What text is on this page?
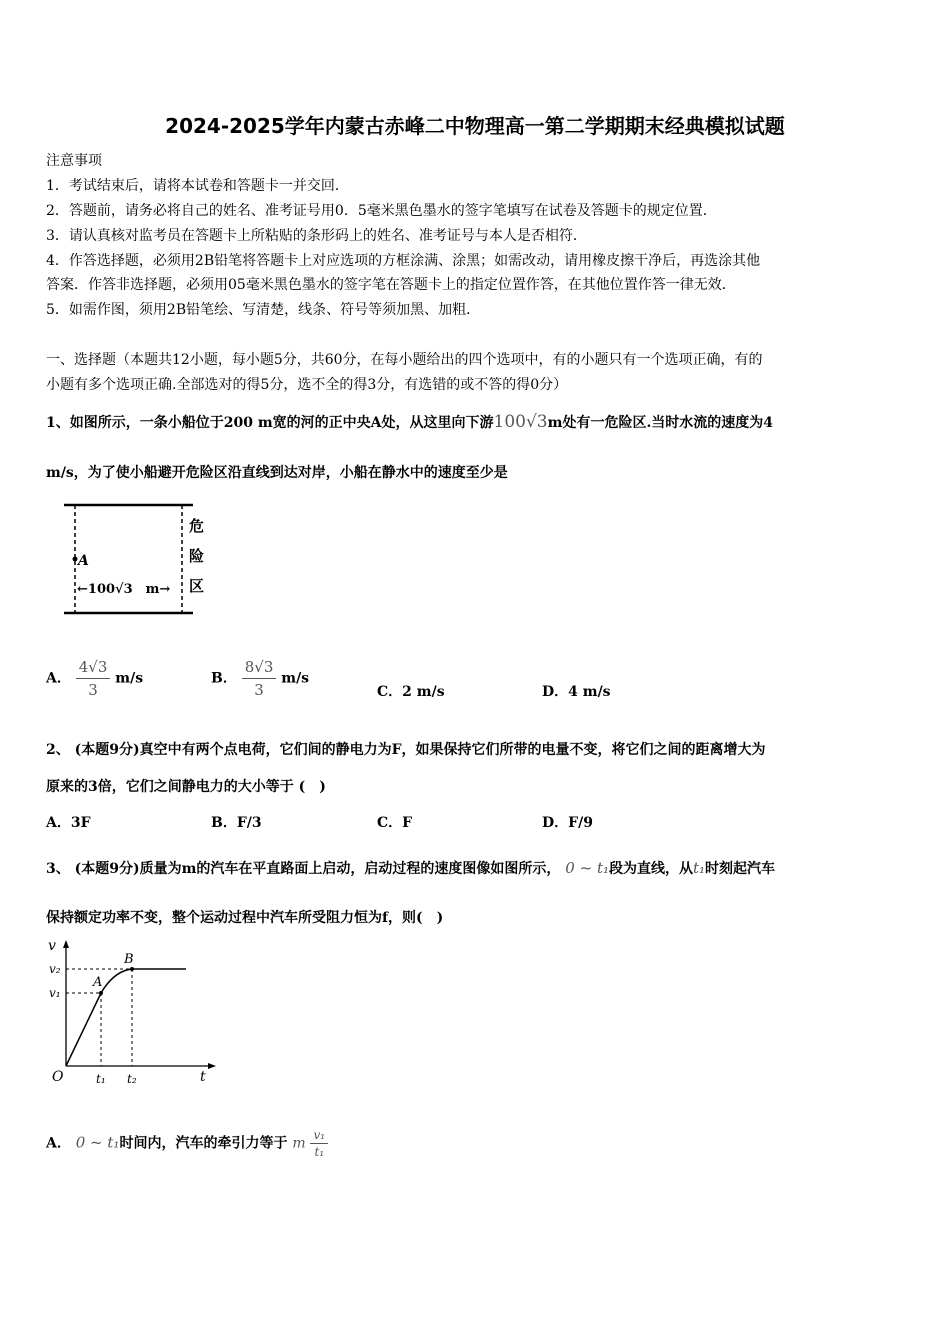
2024-2025学年内蒙古赤峰二中物理高一第二学期期末经典模拟试题
注意事项
1．考试结束后，请将本试卷和答题卡一并交回．
2．答题前，请务必将自己的姓名、准考证号用0．5毫米黑色墨水的签字笔填写在试卷及答题卡的规定位置．
3．请认真核对监考员在答题卡上所粘贴的条形码上的姓名、准考证号与本人是否相符．
4．作答选择题，必须用2B铅笔将答题卡上对应选项的方框涂满、涂黑；如需改动，请用橡皮擦干净后，再选涂其他
答案．作答非选择题，必须用05毫米黑色墨水的签字笔在答题卡上的指定位置作答，在其他位置作答一律无效．
5．如需作图，须用2B铅笔绘、写清楚，线条、符号等须加黑、加粗．
一、选择题（本题共12小题，每小题5分，共60分，在每小题给出的四个选项中，有的小题只有一个选项正确，有的
小题有多个选项正确.全部选对的得5分，选不全的得3分，有选错的或不答的得0分）
1、如图所示，一条小船位于200 m宽的河的正中央A处，从这里向下游100√3m处有一危险区.当时水流的速度为4
m/s，为了使小船避开危险区沿直线到达对岸，小船在静水中的速度至少是
A
←100√3　m→
危
险
区
A． $\frac{4√3}{3} m/s$	B． $\frac{8√3}{3} m/s$
C．2 m/s	D．4 m/s
2、 (本题9分)真空中有两个点电荷，它们间的静电力为F，如果保持它们所带的电量不变，将它们之间的距离增大为
原来的3倍，它们之间静电力的大小等于 (　)
A．3F	B．F/3	C．F	D．F/9
3、 (本题9分)质量为m的汽车在平直路面上启动，启动过程的速度图像如图所示， 0 ~ t₁段为直线，从t₁时刻起汽车
保持额定功率不变，整个运动过程中汽车所受阻力恒为f，则(　)
v
v₂
v₁
A
B
O	t₁ t₂	t
A． 0 ~ t₁时间内，汽车的牵引力等于 m $\frac{\text{v₁}}{\text{t₁}}$
